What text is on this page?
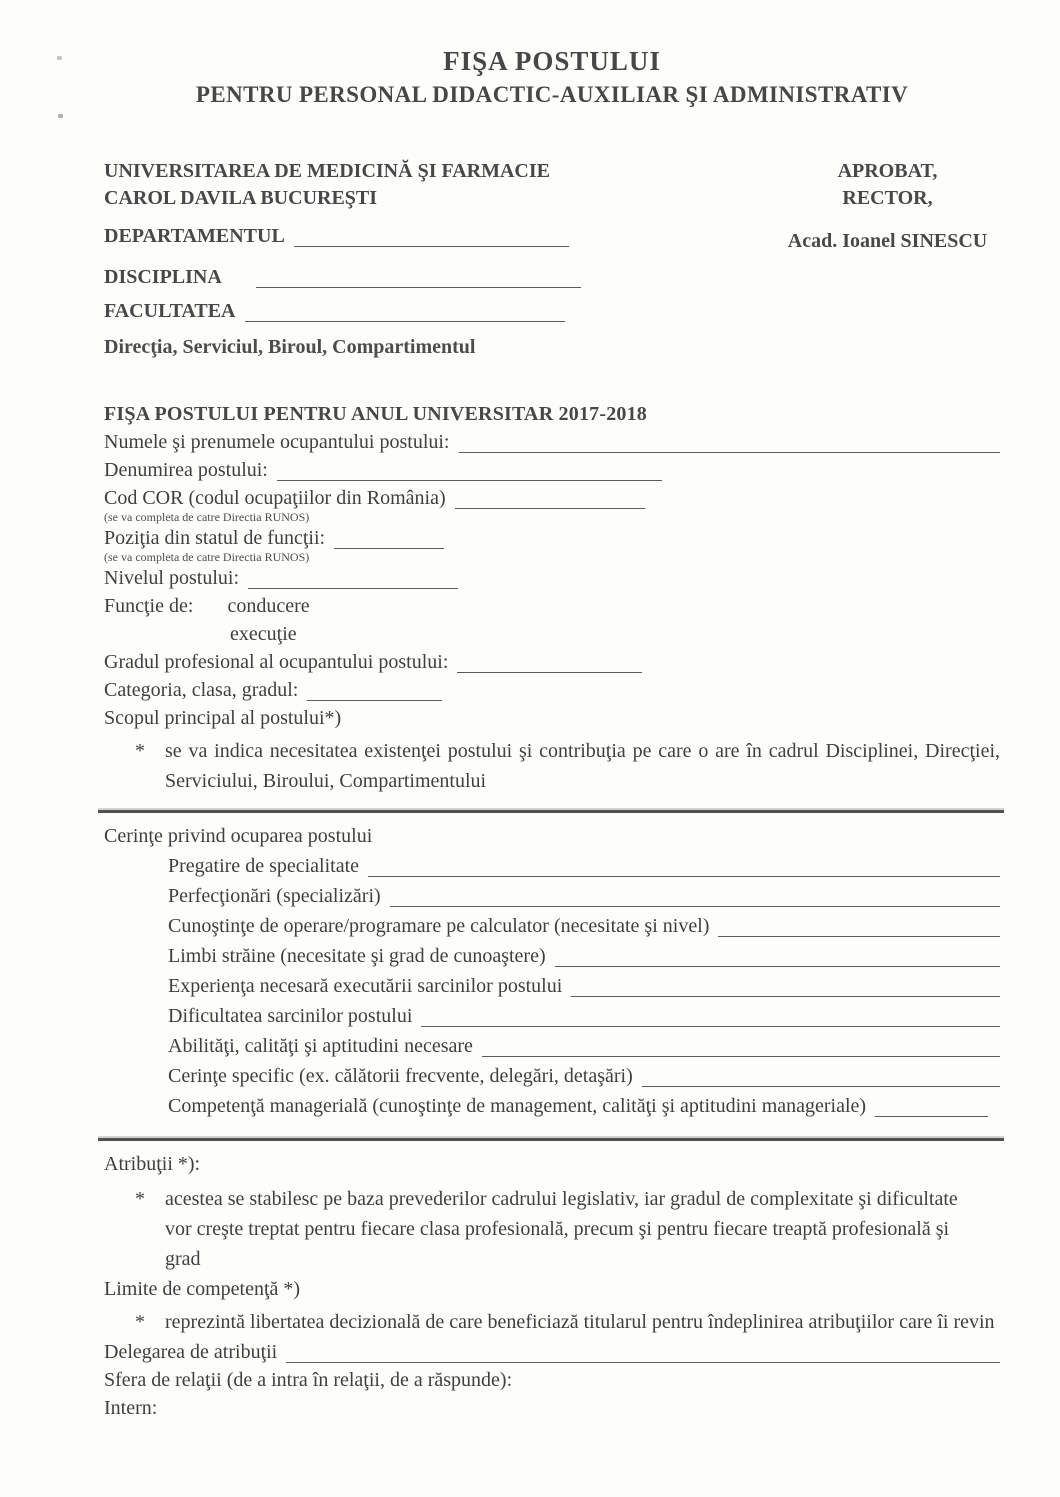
FIŞA POSTULUI
PENTRU PERSONAL DIDACTIC-AUXILIAR ŞI ADMINISTRATIV
UNIVERSITAREA DE MEDICINĂ ŞI FARMACIE
CAROL DAVILA BUCUREŞTI
DEPARTAMENTUL
APROBAT,
RECTOR,
Acad. Ioanel SINESCU
DISCIPLINA
FACULTATEA
Direcţia, Serviciul, Biroul, Compartimentul
FIŞA POSTULUI PENTRU ANUL UNIVERSITAR 2017-2018
Numele şi prenumele ocupantului postului:
Denumirea postului:
Cod COR (codul ocupaţiilor din România)
(se va completa de catre Directia RUNOS)
Poziţia din statul de funcţii:
(se va completa de catre Directia RUNOS)
Nivelul postului:
Funcţie de: conducere
execuţie
Gradul profesional al ocupantului postului:
Categoria, clasa, gradul:
Scopul principal al postului*)
*	se va indica necesitatea existenţei postului şi contribuţia pe care o are în cadrul Disciplinei, Direcţiei, Serviciului, Biroului, Compartimentului
Cerinţe privind ocuparea postului
Pregatire de specialitate
Perfecţionări (specializări)
Cunoştinţe de operare/programare pe calculator (necesitate şi nivel)
Limbi străine (necesitate şi grad de cunoaştere)
Experienţa necesară executării sarcinilor postului
Dificultatea sarcinilor postului
Abilităţi, calităţi şi aptitudini necesare
Cerinţe specific (ex. călătorii frecvente, delegări, detaşări)
Competenţă managerială (cunoştinţe de management, calităţi şi aptitudini manageriale)
Atribuţii *):
*	acestea se stabilesc pe baza prevederilor cadrului legislativ, iar gradul de complexitate şi dificultate vor creşte treptat pentru fiecare clasa profesională, precum şi pentru fiecare treaptă profesională şi grad
Limite de competenţă *)
*	reprezintă libertatea decizională de care beneficiază titularul pentru îndeplinirea atribuţiilor care îi revin
Delegarea de atribuţii
Sfera de relaţii (de a intra în relaţii, de a răspunde):
Intern:
